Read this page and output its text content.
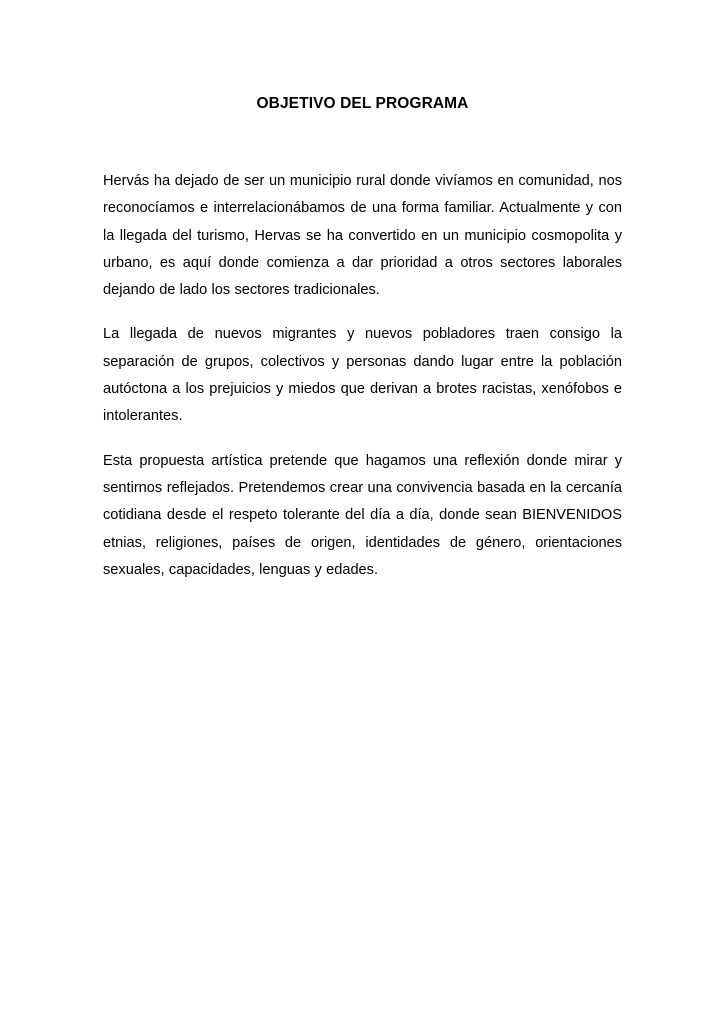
OBJETIVO DEL PROGRAMA

Hervás ha dejado de ser un municipio rural donde vivíamos en comunidad, nos reconocíamos e interrelacionábamos de una forma familiar. Actualmente y con la llegada del turismo, Hervas se ha convertido en un municipio cosmopolita y urbano, es aquí donde comienza a dar prioridad a otros sectores laborales dejando de lado los sectores tradicionales.

La llegada de nuevos migrantes y nuevos pobladores traen consigo la separación de grupos, colectivos y personas dando lugar entre la población autóctona a los prejuicios y miedos que derivan a brotes racistas, xenófobos e intolerantes.

Esta propuesta artística pretende que hagamos una reflexión donde mirar y sentirnos reflejados. Pretendemos crear una convivencia basada en la cercanía cotidiana desde el respeto tolerante del día a día, donde sean BIENVENIDOS etnias, religiones, países de origen, identidades de género, orientaciones sexuales, capacidades, lenguas y edades.
